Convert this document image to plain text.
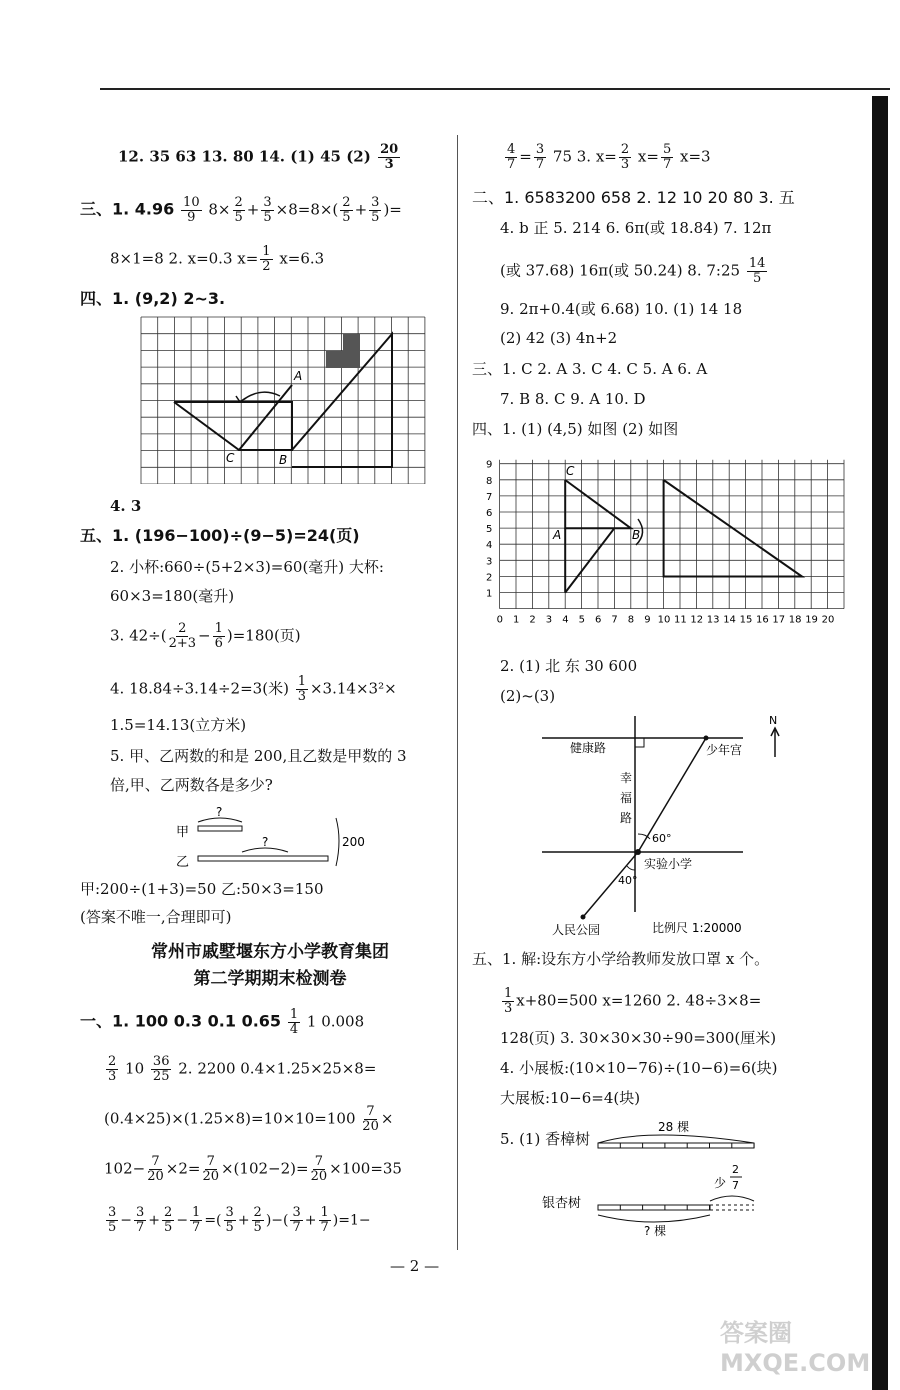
12. 35 63 13. 80 14. (1) 45 $(2) \frac{20}{3}$
三、1. $4.96 \frac{10}{9} 8\times \frac{2}{5} + \frac{3}{5} \times 8=8\times( \frac{2}{5} + \frac{3}{5}$ )=
8×1=8 2. x=0.3 $x= \frac{1}{2} x=6.3$
四、1. (9,2) 2~3.
A
C	B
4. 3
五、1. (196−100)÷(9−5)=24(页)
2. 小杯:660÷(5+2×3)=60(毫升) 大杯:
60×3=180(毫升)
3. $42\div( \frac{2}{2+3} - \frac{1}{6} )=180$(页)
4. 18.84÷3.14÷2=3(米) $\frac{1}{3} \times 3.14\times 3^2\times$
1.5=14.13(立方米)
5. 甲、乙两数的和是 200,且乙数是甲数的 3
倍,甲、乙两数各是多少?
甲
乙
?
?	200
甲:200÷(1+3)=50 乙:50×3=150
(答案不唯一,合理即可)
常州市戚墅堰东方小学教育集团
第二学期期末检测卷
一、1. 100 0.3 0.1 $0.65 \frac{1}{4} 1$ 0.008
$\frac{2}{3} 10 \frac{36}{25} 2$. 2200 0.4×1.25×25×8=
$(0.4\times 25)\times(1.25\times 8)=10\times 10=100 \frac{7}{20}$ ×
$102- \frac{7}{20} \times 2= \frac{7}{20} \times(102-2)= \frac{7}{20} \times 100=35$
$\frac{3}{5} - \frac{3}{7} + \frac{2}{5} - \frac{1}{7}$ =( $\frac{3}{5} + \frac{2}{5}$ )−( $\frac{3}{7} + \frac{1}{7} )=1-$
$\frac{4}{7} = \frac{3}{7} 75$ 3. $x= \frac{2}{3} x= \frac{5}{7} x=3$
二、1. 6583200 658 2. 12 10 20 80 3. 五
4. b 正 5. 214 6. 6π(或 18.84) 7. 12π
(或 37.68) 16π(或 50.24) 8. 7:25 $\frac{14}{5}$
9. 2π+0.4(或 6.68) 10. (1) 14 18
(2) 42 (3) 4n+2
三、1. C 2. A 3. C 4. C 5. A 6. A
7. B 8. C 9. A 10. D
四、1. (1) (4,5) 如图 (2) 如图
1
2
3
4
5
6
7
8
9
0 1 2 3 4 5 6 7 8 9 10 11 12 13 14 15 16 17 18 19 20
C
A	B
2. (1) 北 东 30 600
(2)~(3)
N
健康路
幸
福
路
少年宫
60°
40°
实验小学
人民公园	比例尺 1:20000
五、1. 解:设东方小学给教师发放口罩 x 个。
$\frac{1}{3} x+80=500$ x=1260 2. 48÷3×8=
128(页) 3. 30×30×30÷90=300(厘米)
4. 小展板:(10×10−76)÷(10−6)=6(块)
大展板:10−6=4(块)
5. (1) 香樟树
28 棵
银杏树
少
2
7
? 棵
— 2 —
答案圈 MXQE.COM
